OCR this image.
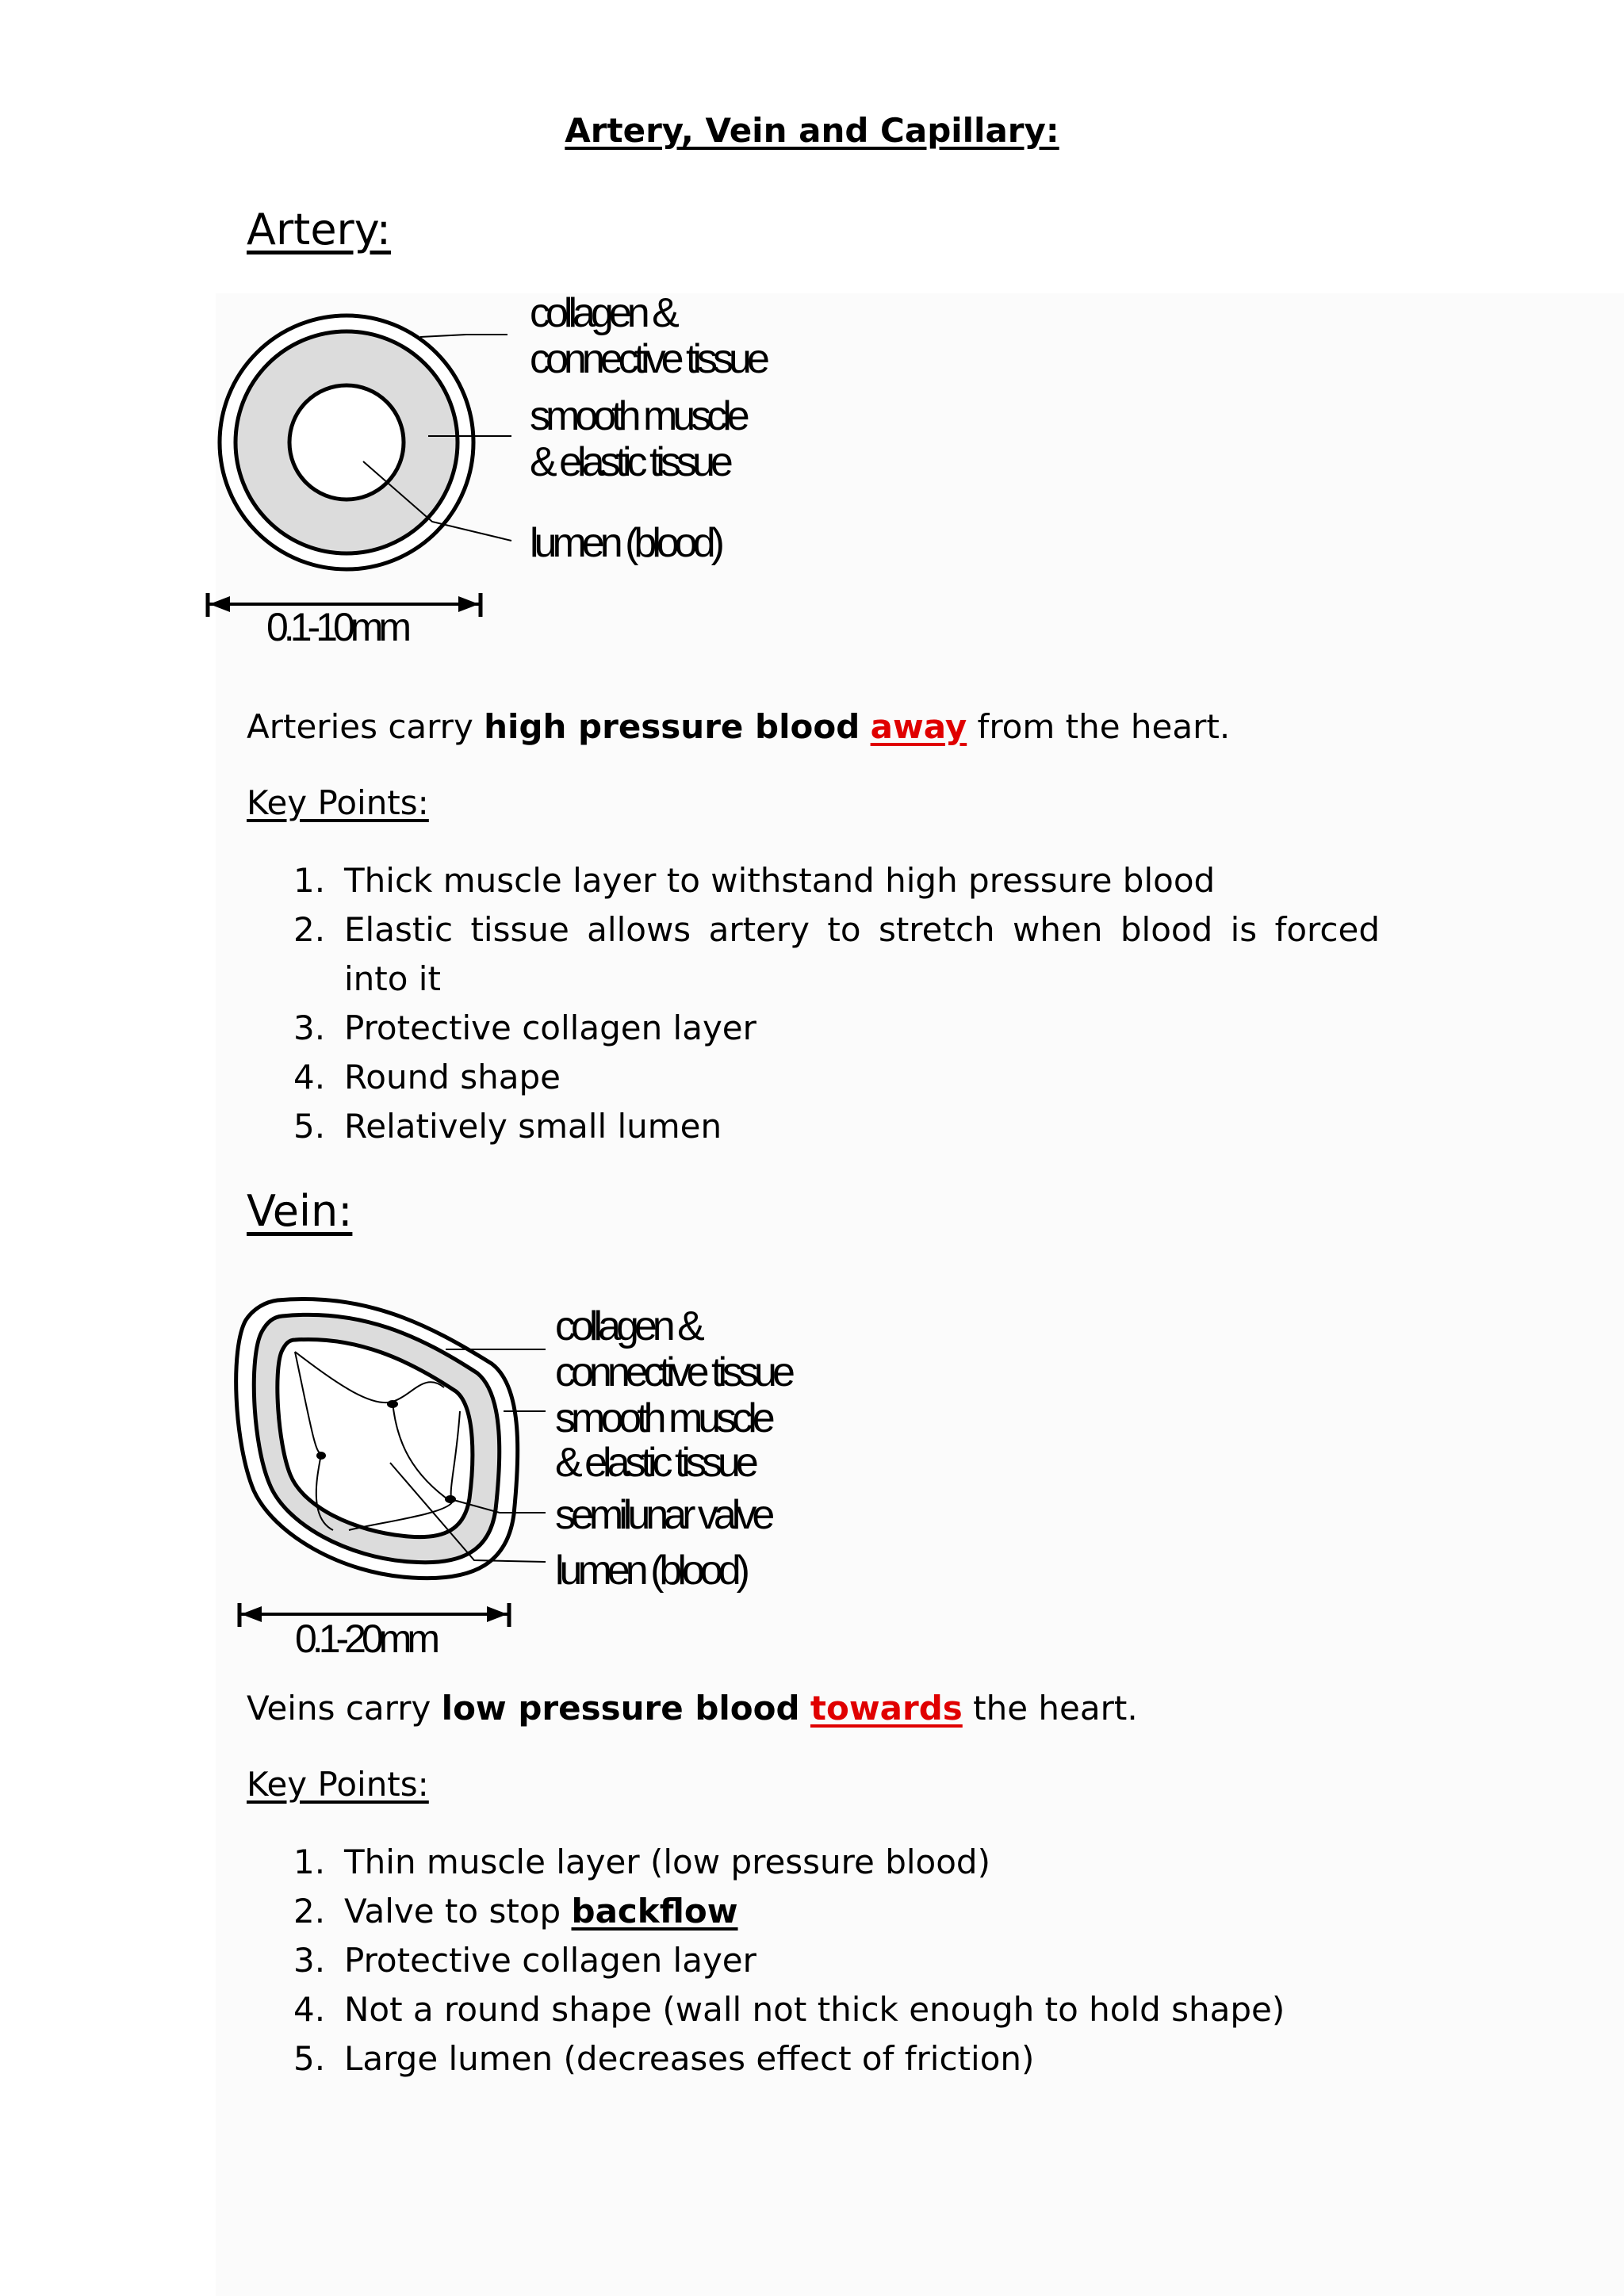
Artery, Vein and Capillary:
Artery:
collagen &
connective tissue
smooth muscle
& elastic tissue
lumen (blood)
0.1-10mm
Arteries carry high pressure blood away from the heart.
Key Points:
1. Thick muscle layer to withstand high pressure blood
2. Elastic tissue allows artery to stretch when blood is forced
into it
3. Protective collagen layer
4. Round shape
5. Relatively small lumen
Vein:
collagen &
connective tissue
smooth muscle
& elastic tissue
semilunar valve
lumen (blood)
0.1-20mm
Veins carry low pressure blood towards the heart.
Key Points:
1. Thin muscle layer (low pressure blood)
2. Valve to stop backflow
3. Protective collagen layer
4. Not a round shape (wall not thick enough to hold shape)
5. Large lumen (decreases effect of friction)
